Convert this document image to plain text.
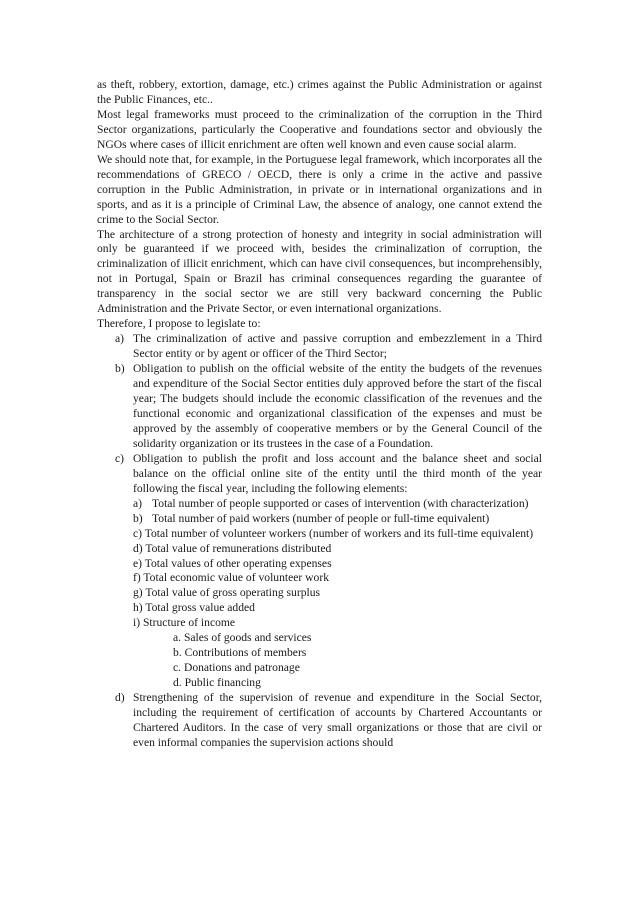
as theft, robbery, extortion, damage, etc.) crimes against the Public Administration or against the Public Finances, etc..

Most legal frameworks must proceed to the criminalization of the corruption in the Third Sector organizations, particularly the Cooperative and foundations sector and obviously the NGOs where cases of illicit enrichment are often well known and even cause social alarm.

We should note that, for example, in the Portuguese legal framework, which incorporates all the recommendations of GRECO / OECD, there is only a crime in the active and passive corruption in the Public Administration, in private or in international organizations and in sports, and as it is a principle of Criminal Law, the absence of analogy, one cannot extend the crime to the Social Sector.

The architecture of a strong protection of honesty and integrity in social administration will only be guaranteed if we proceed with, besides the criminalization of corruption, the criminalization of illicit enrichment, which can have civil consequences, but incomprehensibly, not in Portugal, Spain or Brazil has criminal consequences regarding the guarantee of transparency in the social sector we are still very backward concerning the Public Administration and the Private Sector, or even international organizations.

Therefore, I propose to legislate to:

a) The criminalization of active and passive corruption and embezzlement in a Third Sector entity or by agent or officer of the Third Sector;
b) Obligation to publish on the official website of the entity the budgets of the revenues and expenditure of the Social Sector entities duly approved before the start of the fiscal year; The budgets should include the economic classification of the revenues and the functional economic and organizational classification of the expenses and must be approved by the assembly of cooperative members or by the General Council of the solidarity organization or its trustees in the case of a Foundation.
c) Obligation to publish the profit and loss account and the balance sheet and social balance on the official online site of the entity until the third month of the year following the fiscal year, including the following elements:
a) Total number of people supported or cases of intervention (with characterization)
b) Total number of paid workers (number of people or full-time equivalent)
c) Total number of volunteer workers (number of workers and its full-time equivalent)
d) Total value of remunerations distributed
e) Total values of other operating expenses
f) Total economic value of volunteer work
g) Total value of gross operating surplus
h) Total gross value added
i) Structure of income
a. Sales of goods and services
b. Contributions of members
c. Donations and patronage
d. Public financing
d) Strengthening of the supervision of revenue and expenditure in the Social Sector, including the requirement of certification of accounts by Chartered Accountants or Chartered Auditors. In the case of very small organizations or those that are civil or even informal companies the supervision actions should
